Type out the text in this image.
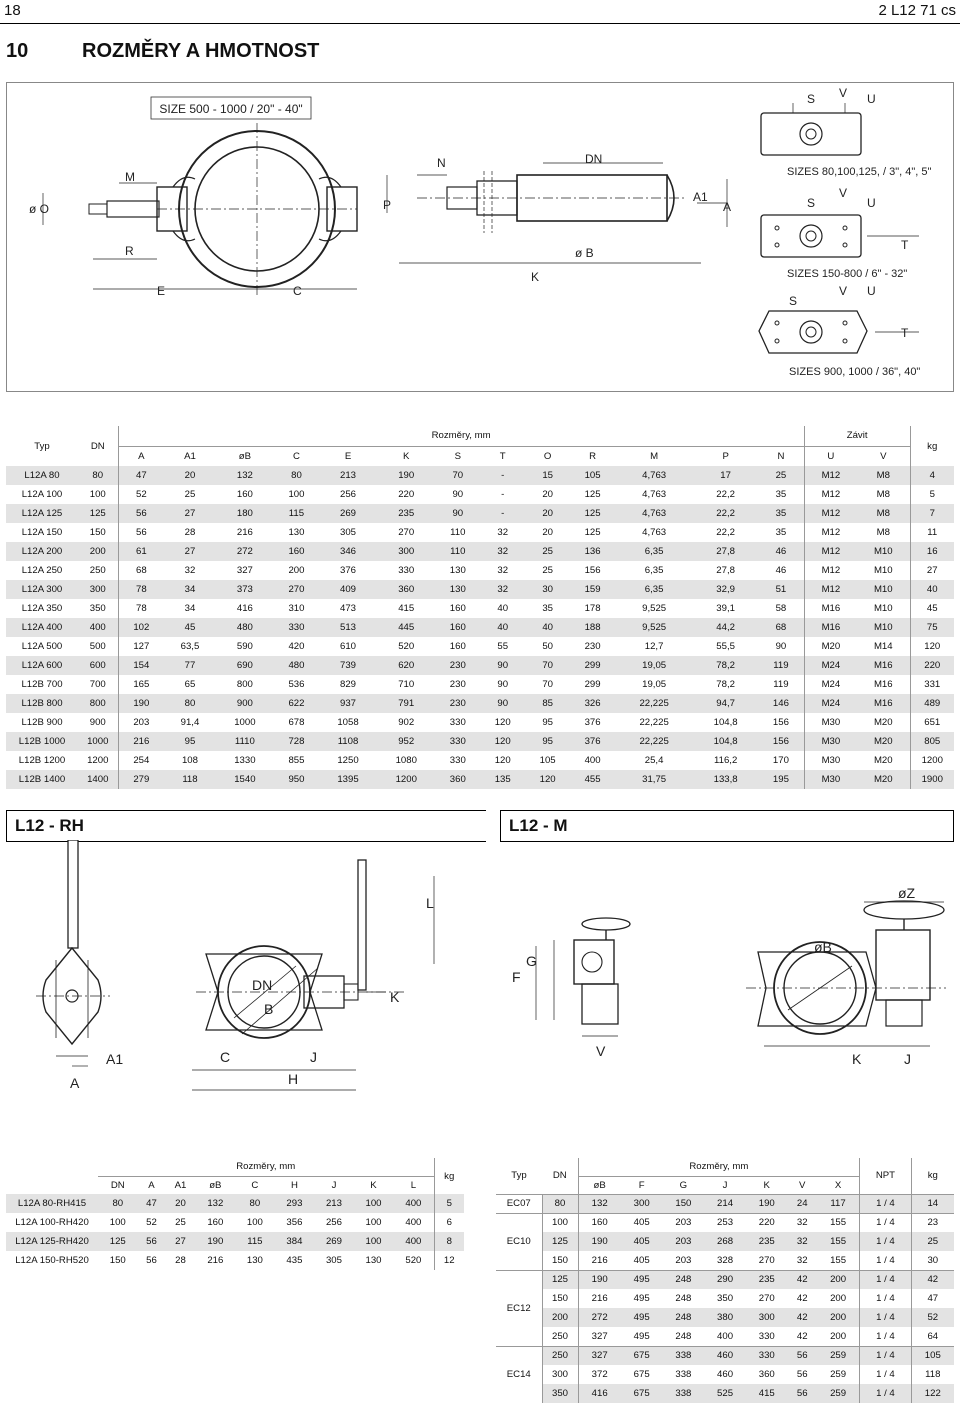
18	2 L12 71 cs
10	ROZMĚRY A HMOTNOST
SIZE 500 - 1000 / 20" - 40"
ø O
M
R
E	C
N
P
DN
ø B
K
A1
A
S V U
SIZES 80,100,125, / 3", 4", 5"
S
V
U
T
SIZES 150-800 / 6" - 32"
S
V U
T
SIZES 900, 1000 / 36", 40"
Typ	DN	Rozměry, mm													Závit		kg
		A	A1	øB	C	E	K	S	T	O	R	M	P	N	U	V	
L12A 80	80	47	20	132	80	213	190	70	-	15	105	4,763	17	25	M12	M8	4
L12A 100	100	52	25	160	100	256	220	90	-	20	125	4,763	22,2	35	M12	M8	5
L12A 125	125	56	27	180	115	269	235	90	-	20	125	4,763	22,2	35	M12	M8	7
L12A 150	150	56	28	216	130	305	270	110	32	20	125	4,763	22,2	35	M12	M8	11
L12A 200	200	61	27	272	160	346	300	110	32	25	136	6,35	27,8	46	M12	M10	16
L12A 250	250	68	32	327	200	376	330	130	32	25	156	6,35	27,8	46	M12	M10	27
L12A 300	300	78	34	373	270	409	360	130	32	30	159	6,35	32,9	51	M12	M10	40
L12A 350	350	78	34	416	310	473	415	160	40	35	178	9,525	39,1	58	M16	M10	45
L12A 400	400	102	45	480	330	513	445	160	40	40	188	9,525	44,2	68	M16	M10	75
L12A 500	500	127	63,5	590	420	610	520	160	55	50	230	12,7	55,5	90	M20	M14	120
L12A 600	600	154	77	690	480	739	620	230	90	70	299	19,05	78,2	119	M24	M16	220
L12B 700	700	165	65	800	536	829	710	230	90	70	299	19,05	78,2	119	M24	M16	331
L12B 800	800	190	80	900	622	937	791	230	90	85	326	22,225	94,7	146	M24	M16	489
L12B 900	900	203	91,4	1000	678	1058	902	330	120	95	376	22,225	104,8	156	M30	M20	651
L12B 1000	1000	216	95	1110	728	1108	952	330	120	95	376	22,225	104,8	156	M30	M20	805
L12B 1200	1200	254	108	1330	855	1250	1080	330	120	105	400	25,4	116,2	170	M30	M20	1200
L12B 1400	1400	279	118	1540	950	1395	1200	360	135	120	455	31,75	133,8	195	M30	M20	1900
L12 - RH	L12 - M
A
A1
DN
B
L
K
C	J
H
F
G
V
øZ
øB
K	J
	Rozměry, mm									kg
	DN	A	A1	øB	C	H	J	K	L	
L12A 80-RH415	80	47	20	132	80	293	213	100	400	5
L12A 100-RH420	100	52	25	160	100	356	256	100	400	6
L12A 125-RH420	125	56	27	190	115	384	269	100	400	8
L12A 150-RH520	150	56	28	216	130	435	305	130	520	12
Typ	DN	Rozměry, mm							NPT	kg
		øB	F	G	J	K	V	X		
EC07	80	132	300	150	214	190	24	117	1 / 4	14
EC10	100	160	405	203	253	220	32	155	1 / 4	23
	125	190	405	203	268	235	32	155	1 / 4	25
	150	216	405	203	328	270	32	155	1 / 4	30
EC12	125	190	495	248	290	235	42	200	1 / 4	42
	150	216	495	248	350	270	42	200	1 / 4	47
	200	272	495	248	380	300	42	200	1 / 4	52
	250	327	495	248	400	330	42	200	1 / 4	64
EC14	250	327	675	338	460	330	56	259	1 / 4	105
	300	372	675	338	460	360	56	259	1 / 4	118
	350	416	675	338	525	415	56	259	1 / 4	122
